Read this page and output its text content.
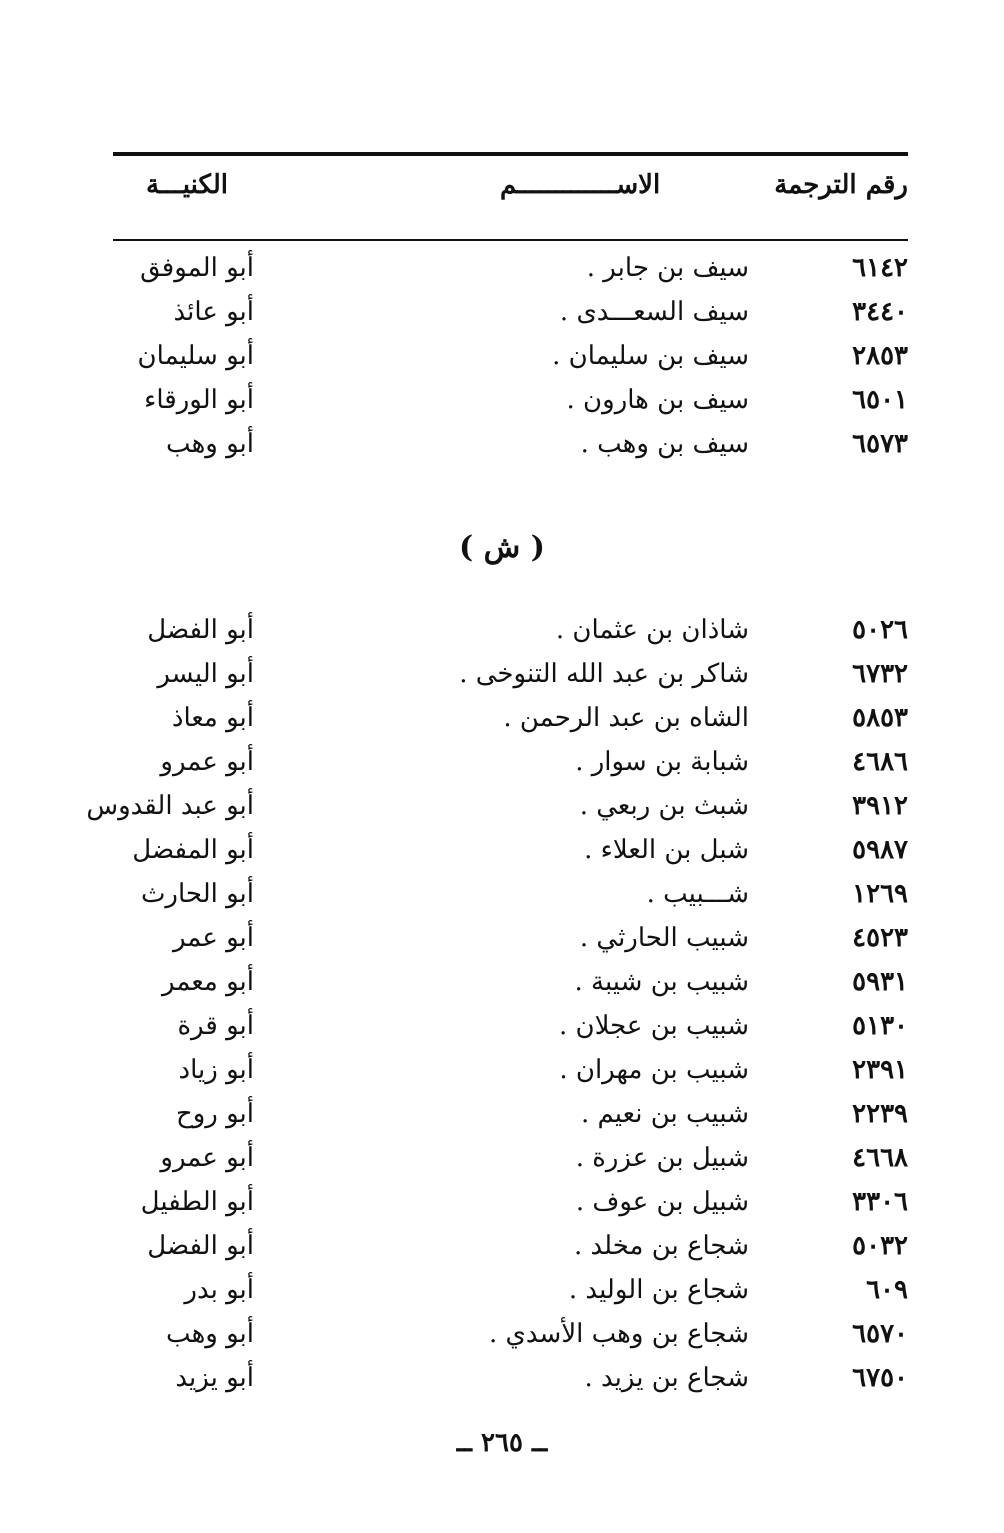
رقم الترجمة
الاســـــــــــــم
الكنيـــة
٦١٤٢
سيف بن جابر .
أبو الموفق
٣٤٤٠
سيف السعـــدى .
أبو عائذ
٢٨٥٣
سيف بن سليمان .
أبو سليمان
٦٥٠١
سيف بن هارون .
أبو الورقاء
٦٥٧٣
سيف بن وهب .
أبو وهب
( ش )
٥٠٢٦
شاذان بن عثمان .
أبو الفضل
٦٧٣٢
شاكر بن عبد الله التنوخى .
أبو اليسر
٥٨٥٣
الشاه بن عبد الرحمن .
أبو معاذ
٤٦٨٦
شبابة بن سوار .
أبو عمرو
٣٩١٢
شبث بن ربعي .
أبو عبد القدوس
٥٩٨٧
شبل بن العلاء .
أبو المفضل
١٢٦٩
شـــبيب .
أبو الحارث
٤٥٢٣
شبيب الحارثي .
أبو عمر
٥٩٣١
شبيب بن شيبة .
أبو معمر
٥١٣٠
شبيب بن عجلان .
أبو قرة
٢٣٩١
شبيب بن مهران .
أبو زياد
٢٢٣٩
شبيب بن نعيم .
أبو روح
٤٦٦٨
شبيل بن عزرة .
أبو عمرو
٣٣٠٦
شبيل بن عوف .
أبو الطفيل
٥٠٣٢
شجاع بن مخلد .
أبو الفضل
٦٠٩
شجاع بن الوليد .
أبو بدر
٦٥٧٠
شجاع بن وهب الأسدي .
أبو وهب
٦٧٥٠
شجاع بن يزيد .
أبو يزيد
ــ ٢٦٥ ــ
